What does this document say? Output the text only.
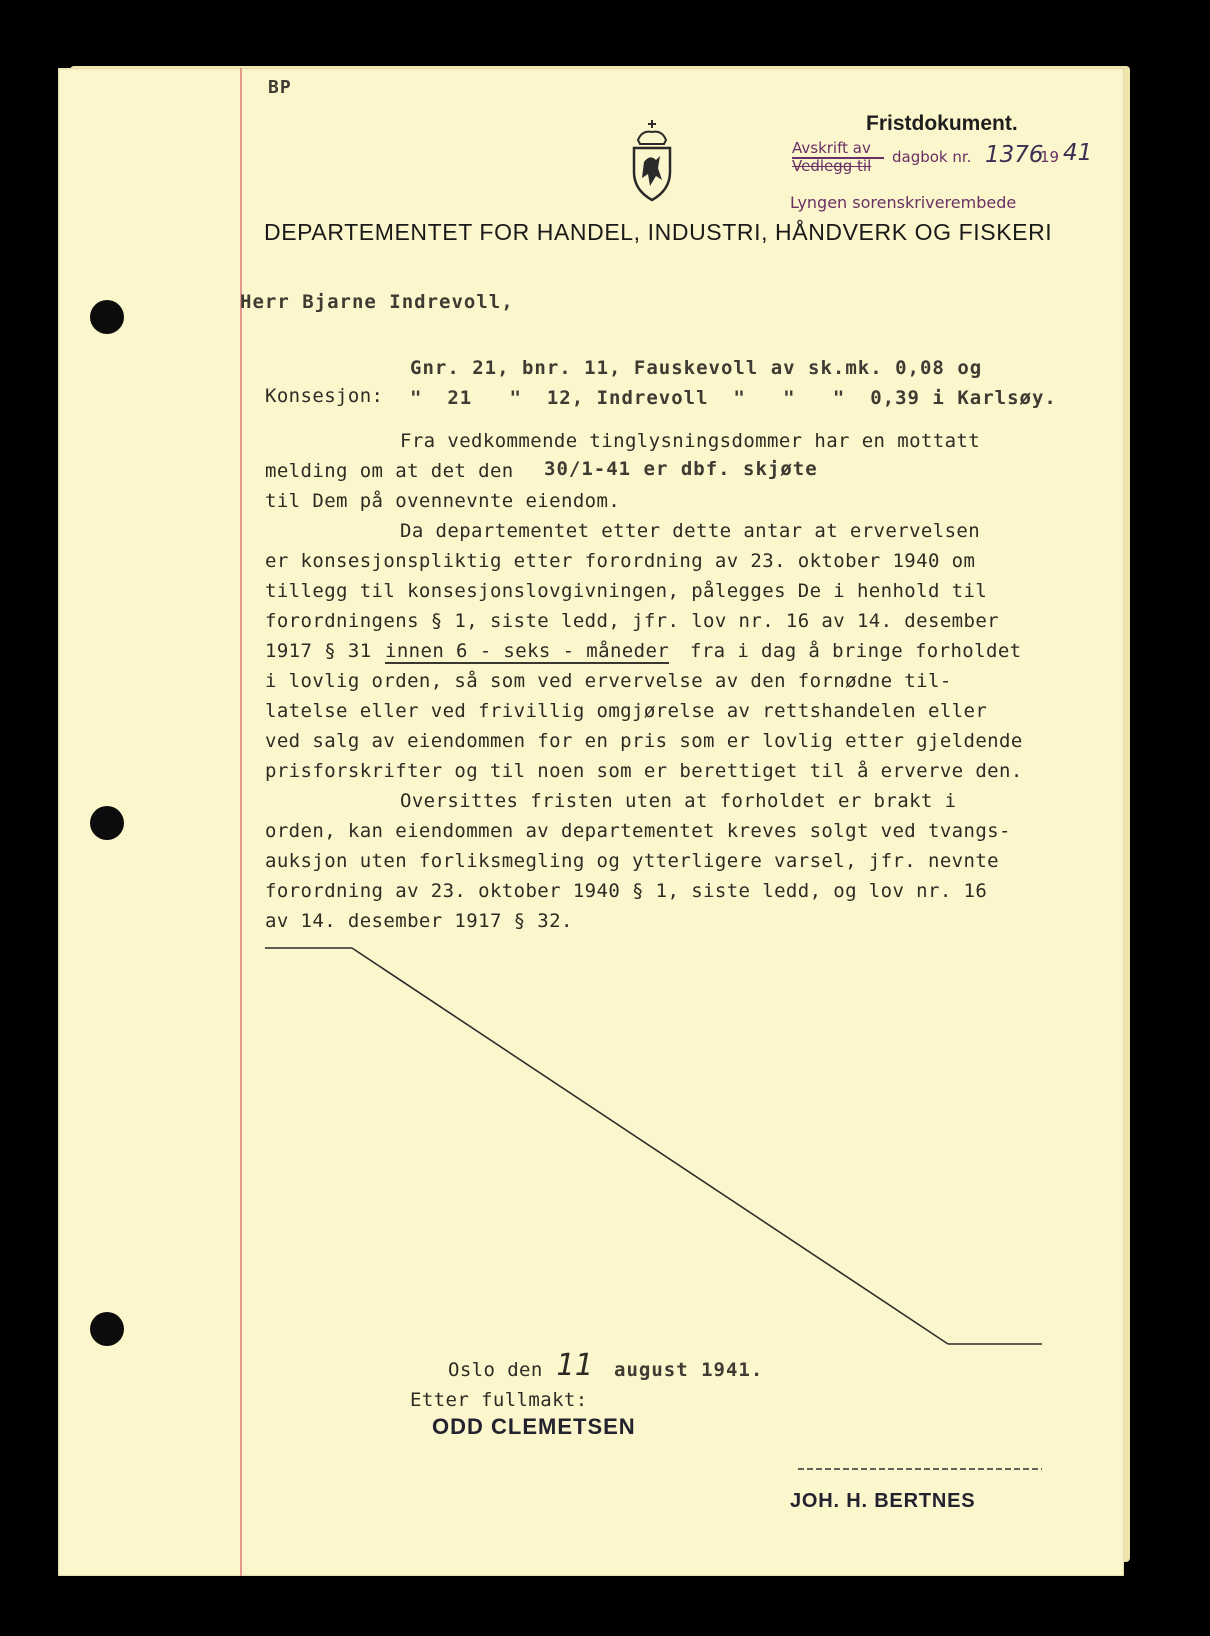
BP
Fristdokument.
Avskrift av
Vedlegg til dagbok nr. 1376
19 41
Lyngen sorenskriverembede
DEPARTEMENTET FOR HANDEL, INDUSTRI, HÅNDVERK OG FISKERI
Herr Bjarne Indrevoll,
Gnr. 21, bnr. 11, Fauskevoll av sk.mk. 0,08 og
Konsesjon: "  21   "  12, Indrevoll  "   "   "  0,39 i Karlsøy.
Fra vedkommende tinglysningsdommer har en mottatt
melding om at det den 30/1-41 er dbf. skjøte
til Dem på ovennevnte eiendom.
Da departementet etter dette antar at ervervelsen
er konsesjonspliktig etter forordning av 23. oktober 1940 om
tillegg til konsesjonslovgivningen, pålegges De i henhold til
forordningens § 1, siste ledd, jfr. lov nr. 16 av 14. desember
1917 § 31 innen 6 - seks - måneder fra i dag å bringe forholdet
i lovlig orden, så som ved ervervelse av den fornødne til-
latelse eller ved frivillig omgjørelse av rettshandelen eller
ved salg av eiendommen for en pris som er lovlig etter gjeldende
prisforskrifter og til noen som er berettiget til å erverve den.
Oversittes fristen uten at forholdet er brakt i
orden, kan eiendommen av departementet kreves solgt ved tvangs-
auksjon uten forliksmegling og ytterligere varsel, jfr. nevnte
forordning av 23. oktober 1940 § 1, siste ledd, og lov nr. 16
av 14. desember 1917 § 32.
Oslo den 11 august 1941.
Etter fullmakt:
ODD CLEMETSEN
JOH. H. BERTNES
